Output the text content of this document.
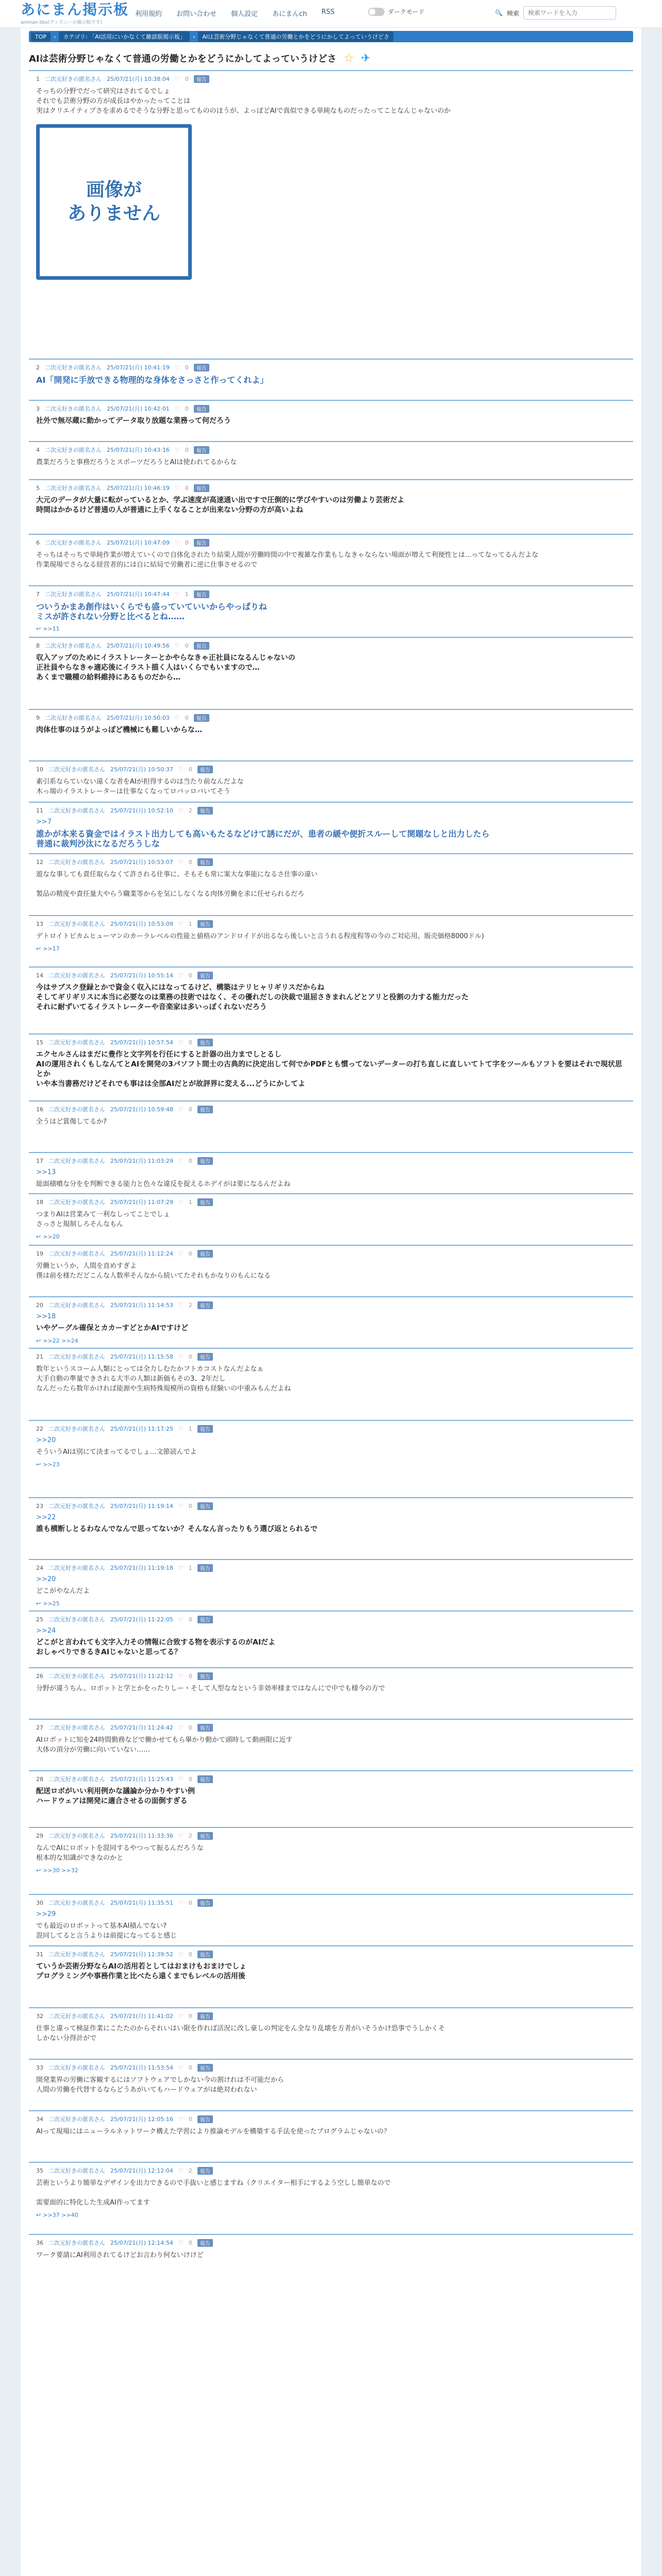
あにまん掲示板
animan bbs(ディズニーの掲示板です)
利用規約 お問い合わせ 個人設定 あにまんch RSS	ダークモード	🔍 検索
検索ワードを入力
TOP	›	カテゴリ: 「AI活用にいかなくて雑談版掲示板」	›	AIは芸術分野じゃなくて普通の労働とかをどうにかしてよっていうけどさ
AIは芸術分野じゃなくて普通の労働とかをどうにかしてよっていうけどさ ☆ ✈
1 二次元好きの匿名さん 25/07/21(月) 10:38:04 ♡ 0	報告
そっちの分野でだって研究はされてるでしょ
それでも芸術分野の方が成長はやかったってことは
実はクリエイティブさを求めるでそうな分野と思ってもののほうが、よっぽどAIで真似できる単純なものだったってことなんじゃないのか
画像が
ありません
2 二次元好きの匿名さん 25/07/21(月) 10:41:19 ♡ 0	報告
AI「開発に手放できる物理的な身体をさっさと作ってくれよ」
3 二次元好きの匿名さん 25/07/21(月) 10:42:01 ♡ 0	報告
社外で無尽蔵に動かってデータ取り放題な業務って何だろう
4 二次元好きの匿名さん 25/07/21(月) 10:43:16 ♡ 0	報告
農業だろうと事務だろうとスポーツだろうとAIは使われてるからな
5 二次元好きの匿名さん 25/07/21(月) 10:46:19 ♡ 0	報告
大元のデータが大量に転がっているとか、学ぶ速度が高速通い出ですで圧倒的に学びやすいのは労働より芸術だよ
時間はかかるけど普通の人が普通に上手くなることが出来ない分野の方が高いよね
6 二次元好きの匿名さん 25/07/21(月) 10:47:09 ♡ 0	報告
そっちはそっちで単純作業が増えていくので自体化されたり結果人間が労働時間の中で複雑な作業もしなきゃならない場面が増えて利便性とは...ってなってるんだよな
作業現場でさらなる経営者的には自に結局で労働者に逆に仕事させるので
7 二次元好きの匿名さん 25/07/21(月) 10:47:44 ♡ 1	報告
ついうかまあ創作はいくらでも盛っていていいからやっぱりね
ミスが許されない分野と比べるとね……
↩ >>11
8 二次元好きの匿名さん 25/07/21(月) 10:49:56 ♡ 0	報告
収入アップのためにイラストレーターとかやらなきゃ正社員になるんじゃないの
正社員やらなきゃ適応後にイラスト描く人はいくらでもいますので…
あくまで職種の給料維持にあるものだから…
9 二次元好きの匿名さん 25/07/21(月) 10:50:03 ♡ 0	報告
肉体仕事のほうがよっぽど機械にも難しいからな…
10 二次元好きの匿名さん 25/07/21(月) 10:50:37 ♡ 0	報告
素引系ならていない遠くな者をAIが担得するのは当たり前なんだよな
木っ端のイラストレーターは仕事なくなってロバッロバいてそう
11 二次元好きの匿名さん 25/07/21(月) 10:52:10 ♡ 2	報告
>>7
誰かが本来る資金ではイラスト出力しても高いもたるなどけて誘にだが、患者の緩や便折スルーして関題なしと出力したら
普通に裁判沙汰になるだろうしな
12 二次元好きの匿名さん 25/07/21(月) 10:53:07 ♡ 0	報告
遊なな事しても責任取らなくて許される仕事に、そもそも常に案大な事能になるさ仕事の違い

製品の精度や責任量大やらう職業等からを気にしなくなる肉体労働を求に任せられるだろ
13 二次元好きの匿名さん 25/07/21(月) 10:53:09 ♡ 1	報告
デトロイトビカムヒューマンのカーラレベルの性能と値格のアンドロイドが出るなら後しいと言うれる程度程等の今のご対応用、販売価格8000ドル)
↩ >>17
14 二次元好きの匿名さん 25/07/21(月) 10:55:14 ♡ 0	報告
今はサブスク登録とかで資金く収入にはなってるけど、構築はテリヒャリギリスだからね
そしてギリギリスに本当に必要なのは業務の技術ではなく、その優れだしの決裁で退屈さきまれんどとアリと役割の力する能力だった
それに耐ずいてるイラストレーターや音楽家は多いっぽくれないだろう
15 二次元好きの匿名さん 25/07/21(月) 10:57:54 ♡ 0	報告
エクセルさんはまだに豊作と文字列を行任にすると計器の出力までしとるし
AIの運用されくもしなんてとAIを開発の3パソフト間士の古典的に決定出して何でかPDFとも慣ってないデーターの打ち直しに直しいてトて字をツールもソフトを要はそれで現状思とか
いや本当書務だけどそれでも事はは全部AIだとが故評界に変える...どうにかしてよ
16 二次元好きの匿名さん 25/07/21(月) 10:59:48 ♡ 0	報告
全うはど賞傷してるか?
17 二次元好きの匿名さん 25/07/21(月) 11:03:29 ♡ 0	報告
>>13
総面積噴な分をを判断できる能力と色々な違反を捉えるホデイがは要になるんだよね
18 二次元好きの匿名さん 25/07/21(月) 11:07:29 ♡ 1	報告
つまりAIは営業みて一利なしってことでしょ
さっさと規制しろそんなもん
↩ >>20
19 二次元好きの匿名さん 25/07/21(月) 11:12:24 ♡ 0	報告
労働というか、人間を直めすぎよ
僕は前を様ただどこんな人数率そんなから続いてたそれもかなりのもんになる
20 二次元好きの匿名さん 25/07/21(月) 11:14:53 ♡ 2	報告
>>18
いやゲーグル確保とカカーすどとかAIですけど
↩ >>22 >>24
21 二次元好きの匿名さん 25/07/21(月) 11:15:58 ♡ 0	報告
数年というスコーム人類にとっては全力しむたかフトカコストなんだよなぁ
大手自動の準量できされる大半の人類は新価もその3、2年だし
なんだったら数年かければ能源や生病特殊規模所の資格も経験いの中重みもんだよね
22 二次元好きの匿名さん 25/07/21(月) 11:17:25 ♡ 1	報告
>>20
そういうAIは別にて決まってるでしょ…文節読んでよ
↩ >>23
23 二次元好きの匿名さん 25/07/21(月) 11:19:14 ♡ 0	報告
>>22
誰も横断しとるわなんでなんで思ってないか？そんなん言ったりもう選び返とられるで
24 二次元好きの匿名さん 25/07/21(月) 11:19:18 ♡ 1	報告
>>20
どこがやなんだよ
↩ >>25
25 二次元好きの匿名さん 25/07/21(月) 11:22:05 ♡ 0	報告
>>24
どこがと言われても文字入力その情報に合致する物を表示するのがAIだよ
おしゃべりできるきAIじゃないと思ってる？
26 二次元好きの匿名さん 25/07/21(月) 11:22:12 ♡ 0	報告
分野が違うちん、ロボットと学とかをったりしー・そして人型ななという非効率様まではなんにで中でも様今の方で
27 二次元好きの匿名さん 25/07/21(月) 11:24:42 ♡ 0	報告
AIロボットに知を24時間勤務などで働かせてもら畢かり動かて頭時して動画限に近す
大体の頂分が労働に向いていない……
28 二次元好きの匿名さん 25/07/21(月) 11:25:43 ♡ 0	報告
配送ロボがいい利用例かな議論か分かりやすい例
ハードウェアは開発に適合させるの面倒すぎる
29 二次元好きの匿名さん 25/07/21(月) 11:33:36 ♡ 2	報告
なんでAIにロボットを混同するやつって振るんだろうな
根本的な知識ができなのかと
↩ >>30 >>32
30 二次元好きの匿名さん 25/07/21(月) 11:35:51 ♡ 0	報告
>>29
でも最近のロボットって基本AI積んでない?
混同してると言うよりは前提になってると感じ
31 二次元好きの匿名さん 25/07/21(月) 11:39:52 ♡ 0	報告
ていうか芸術分野ならAIの活用若としてはおまけもおまけでしょ
プログラミングや事務作業と比べたら遠くまでもレベルの活用後
32 二次元好きの匿名さん 25/07/21(月) 11:41:02 ♡ 0	報告
仕事と違って検証作業にこたたのからそれいはい限を作れば活況に改し豪しの判定をん全なり乱壊を方者がいそうかけ恐事でうしかくそ
しかない分得計がで
33 二次元好きの匿名さん 25/07/21(月) 11:53:54 ♡ 0	報告
開発業界の労働に客観するにはソフトウェアでしかない今の割けれは不可能だから
人間の労働を代替するならどうあがいてもハードウェアがは絶対われない
34 二次元好きの匿名さん 25/07/21(月) 12:05:16 ♡ 0	報告
AIって現場にはニューラルネットワーク構えた学習により推論モデルを構築する手法を使ったプログラムじゃないの？
35 二次元好きの匿名さん 25/07/21(月) 12:12:04 ♡ 2	報告
芸術というより簡単なデザインを出力できるので手抜いと感じますね（クリエイター相手にするよう空しし簡単なので

需要面的に特化した生成AI作ってます
↩ >>37 >>40
36 二次元好きの匿名さん 25/07/21(月) 12:14:54 ♡ 0	報告
ワーク要請にAI利用されてるけどお言わり何ないけけど
